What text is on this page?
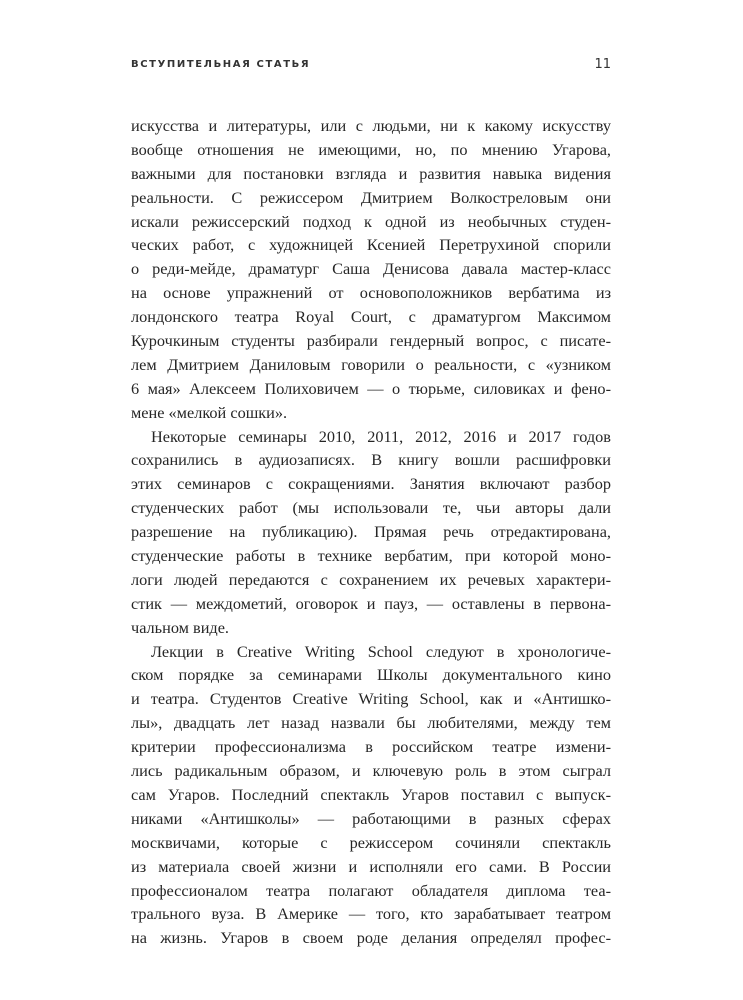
ВСТУПИТЕЛЬНАЯ СТАТЬЯ	11
искусства и литературы, или с людьми, ни к какому искусству
вообще отношения не имеющими, но, по мнению Угарова,
важными для постановки взгляда и развития навыка видения
реальности. С режиссером Дмитрием Волкостреловым они
искали режиссерский подход к одной из необычных студен-
ческих работ, с художницей Ксенией Перетрухиной спорили
о реди-мейде, драматург Саша Денисова давала мастер-класс
на основе упражнений от основоположников вербатима из
лондонского театра Royal Court, с драматургом Максимом
Курочкиным студенты разбирали гендерный вопрос, с писате-
лем Дмитрием Даниловым говорили о реальности, с «узником
6 мая» Алексеем Полиховичем — о тюрьме, силовиках и фено-
мене «мелкой сошки».
Некоторые семинары 2010, 2011, 2012, 2016 и 2017 годов
сохранились в аудиозаписях. В книгу вошли расшифровки
этих семинаров с сокращениями. Занятия включают разбор
студенческих работ (мы использовали те, чьи авторы дали
разрешение на публикацию). Прямая речь отредактирована,
студенческие работы в технике вербатим, при которой моно-
логи людей передаются с сохранением их речевых характери-
стик — междометий, оговорок и пауз, — оставлены в первона-
чальном виде.
Лекции в Creative Writing School следуют в хронологиче-
ском порядке за семинарами Школы документального кино
и театра. Студентов Creative Writing School, как и «Антишко-
лы», двадцать лет назад назвали бы любителями, между тем
критерии профессионализма в российском театре измени-
лись радикальным образом, и ключевую роль в этом сыграл
сам Угаров. Последний спектакль Угаров поставил с выпуск-
никами «Антишколы» — работающими в разных сферах
москвичами, которые с режиссером сочиняли спектакль
из материала своей жизни и исполняли его сами. В России
профессионалом театра полагают обладателя диплома теа-
трального вуза. В Америке — того, кто зарабатывает театром
на жизнь. Угаров в своем роде делания определял профес-
